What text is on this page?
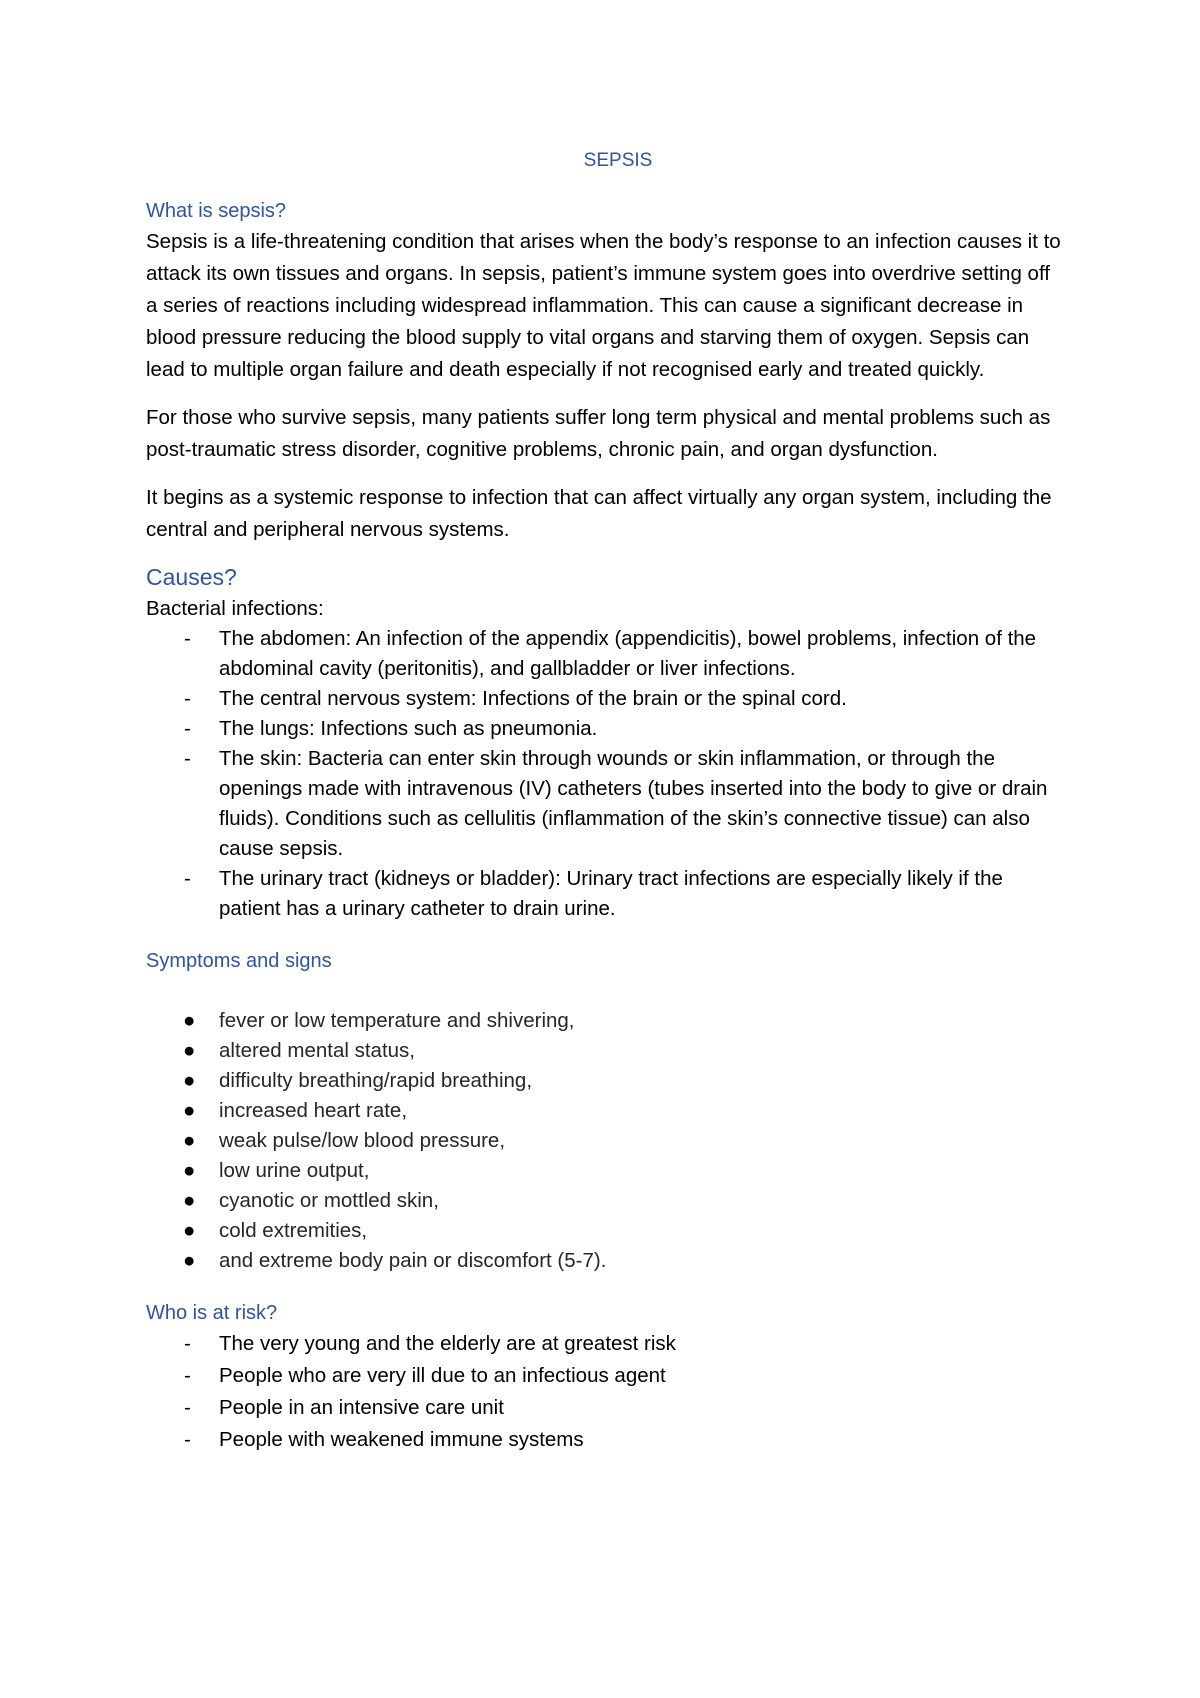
SEPSIS
What is sepsis?

Sepsis is a life-threatening condition that arises when the body’s response to an infection causes it to attack its own tissues and organs. In sepsis, patient’s immune system goes into overdrive setting off a series of reactions including widespread inflammation. This can cause a significant decrease in blood pressure reducing the blood supply to vital organs and starving them of oxygen. Sepsis can lead to multiple organ failure and death especially if not recognised early and treated quickly.

For those who survive sepsis, many patients suffer long term physical and mental problems such as post-traumatic stress disorder, cognitive problems, chronic pain, and organ dysfunction.

It begins as a systemic response to infection that can affect virtually any organ system, including the central and peripheral nervous systems.

Causes?

Bacterial infections:

- The abdomen: An infection of the appendix (appendicitis), bowel problems, infection of the abdominal cavity (peritonitis), and gallbladder or liver infections.
- The central nervous system: Infections of the brain or the spinal cord.
- The lungs: Infections such as pneumonia.
- The skin: Bacteria can enter skin through wounds or skin inflammation, or through the openings made with intravenous (IV) catheters (tubes inserted into the body to give or drain fluids). Conditions such as cellulitis (inflammation of the skin’s connective tissue) can also cause sepsis.
- The urinary tract (kidneys or bladder): Urinary tract infections are especially likely if the patient has a urinary catheter to drain urine.
Symptoms and signs
● fever or low temperature and shivering,
● altered mental status,
● difficulty breathing/rapid breathing,
● increased heart rate,
● weak pulse/low blood pressure,
● low urine output,
● cyanotic or mottled skin,
● cold extremities,
● and extreme body pain or discomfort (5-7).
Who is at risk?
- The very young and the elderly are at greatest risk
- People who are very ill due to an infectious agent
- People in an intensive care unit
- People with weakened immune systems
